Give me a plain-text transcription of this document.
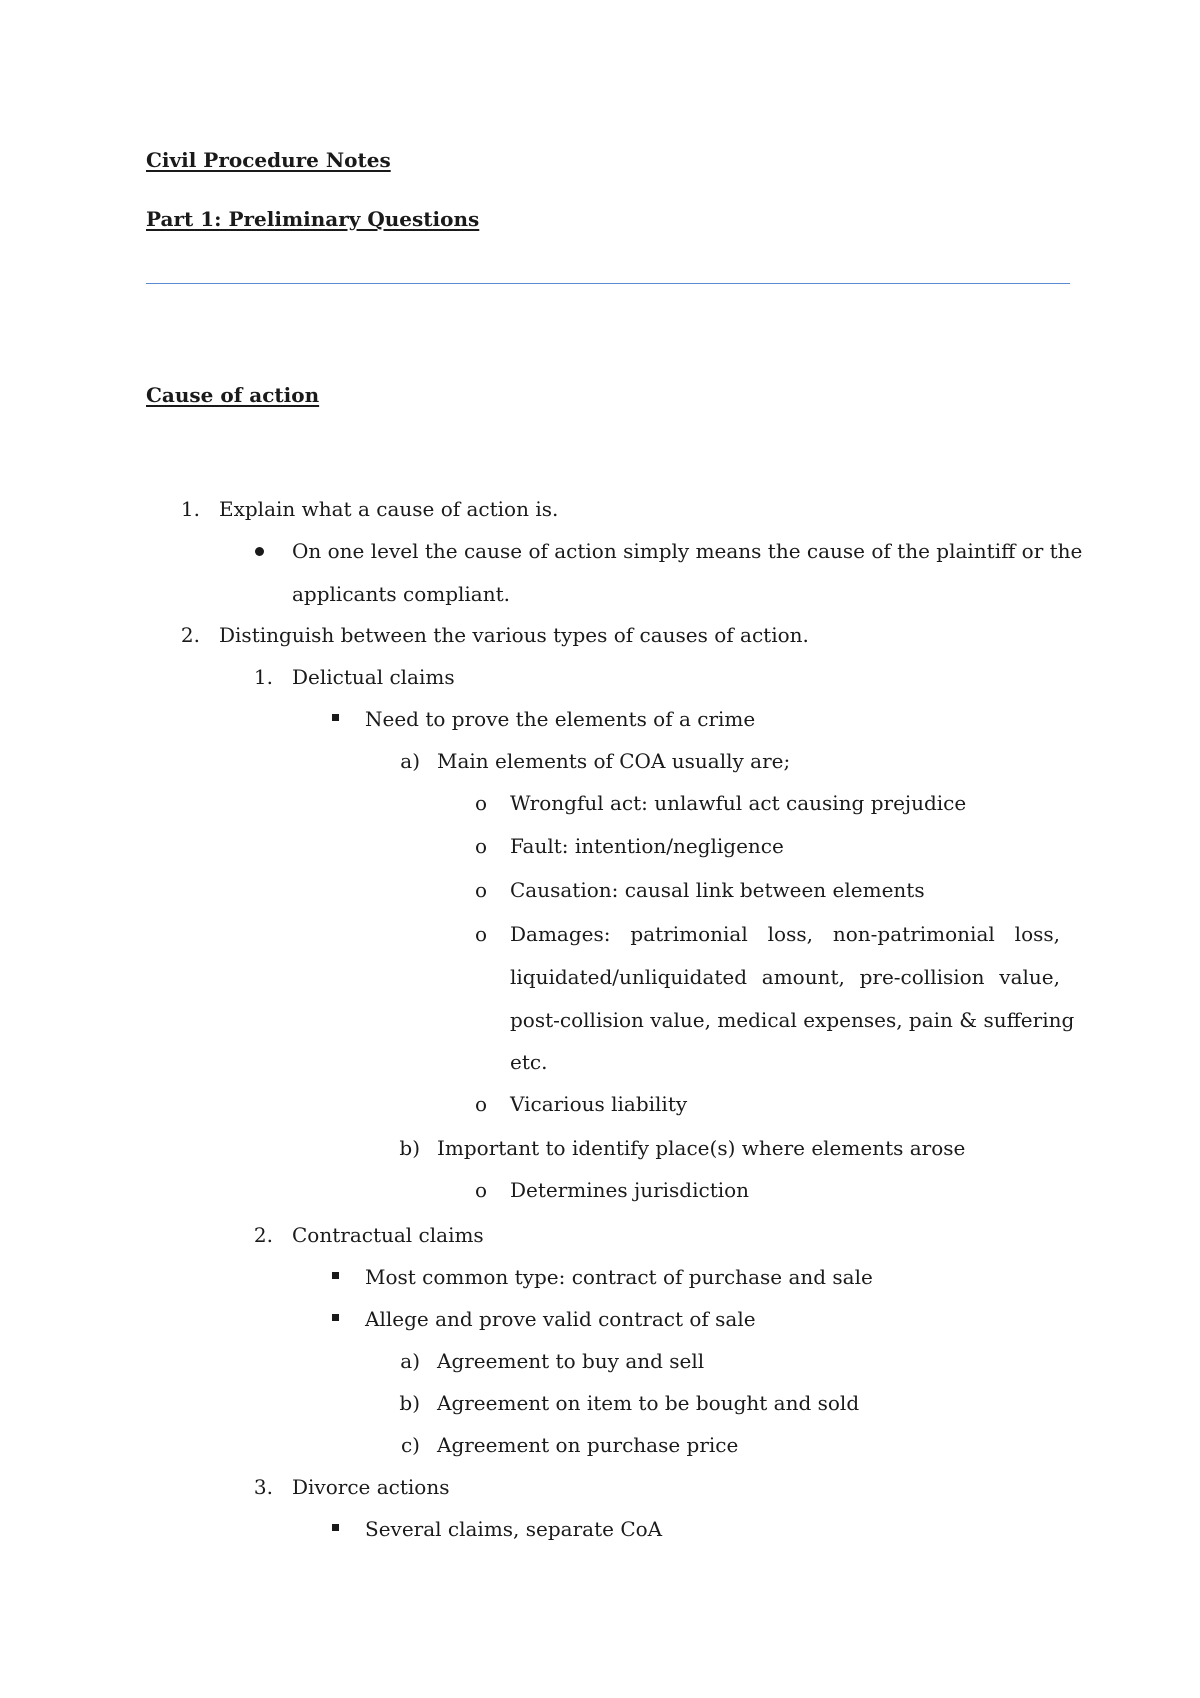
Civil Procedure Notes
Part 1: Preliminary Questions
Cause of action
1. Explain what a cause of action is.
On one level the cause of action simply means the cause of the plaintiff or the
applicants compliant.
2. Distinguish between the various types of causes of action.
1. Delictual claims
Need to prove the elements of a crime
a) Main elements of COA usually are;
o Wrongful act: unlawful act causing prejudice
o Fault: intention/negligence
o Causation: causal link between elements
o Damages: patrimonial loss, non-patrimonial loss,
liquidated/unliquidated amount, pre-collision value,
post-collision value, medical expenses, pain & suffering
etc.
o Vicarious liability
b) Important to identify place(s) where elements arose
o Determines jurisdiction
2. Contractual claims
Most common type: contract of purchase and sale
Allege and prove valid contract of sale
a) Agreement to buy and sell
b) Agreement on item to be bought and sold
c) Agreement on purchase price
3. Divorce actions
Several claims, separate CoA
